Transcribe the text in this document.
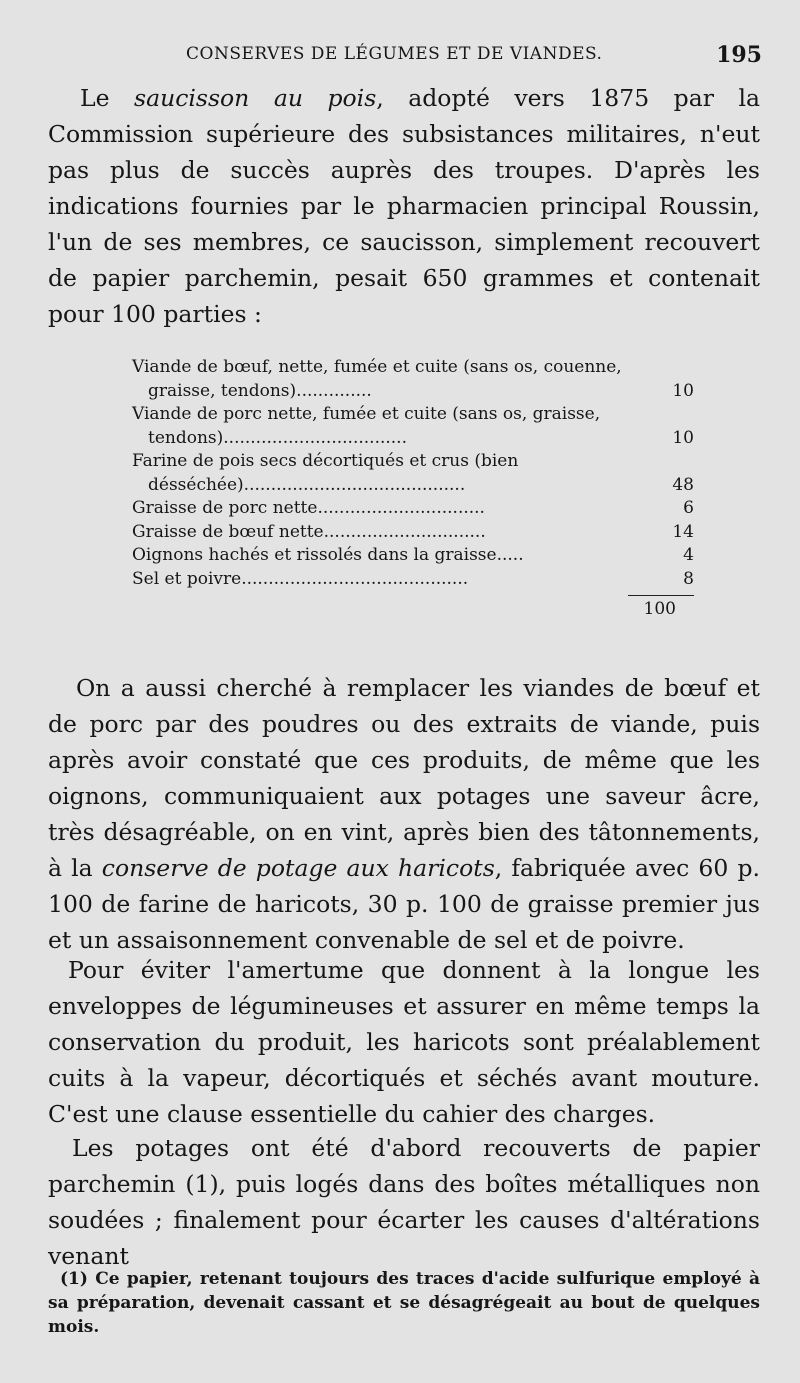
CONSERVES DE LÉGUMES ET DE VIANDES.	195

Le saucisson au pois, adopté vers 1875 par la Commission supérieure des subsistances militaires, n'eut pas plus de succès auprès des troupes. D'après les indications fournies par le pharmacien principal Roussin, l'un de ses membres, ce saucisson, simplement recouvert de papier parchemin, pesait 650 grammes et contenait pour 100 parties :

Viande de bœuf, nette, fumée et cuite (sans os, couenne, graisse, tendons)..............	10
Viande de porc nette, fumée et cuite (sans os, graisse, tendons)..................................	10
Farine de pois secs décortiqués et crus (bien désséchée).........................................	48
Graisse de porc nette...............................	6
Graisse de bœuf nette..............................	14
Oignons hachés et rissolés dans la graisse.....	4
Sel et poivre..........................................	8
100

On a aussi cherché à remplacer les viandes de bœuf et de porc par des poudres ou des extraits de viande, puis après avoir constaté que ces produits, de même que les oignons, communiquaient aux potages une saveur âcre, très désagréable, on en vint, après bien des tâtonnements, à la conserve de potage aux haricots, fabriquée avec 60 p. 100 de farine de haricots, 30 p. 100 de graisse premier jus et un assaisonnement convenable de sel et de poivre.

Pour éviter l'amertume que donnent à la longue les enveloppes de légumineuses et assurer en même temps la conservation du produit, les haricots sont préalablement cuits à la vapeur, décortiqués et séchés avant mouture. C'est une clause essentielle du cahier des charges.

Les potages ont été d'abord recouverts de papier parchemin (1), puis logés dans des boîtes métalliques non soudées ; finalement pour écarter les causes d'altérations venant

(1) Ce papier, retenant toujours des traces d'acide sulfurique employé à sa préparation, devenait cassant et se désagrégeait au bout de quelques mois.
